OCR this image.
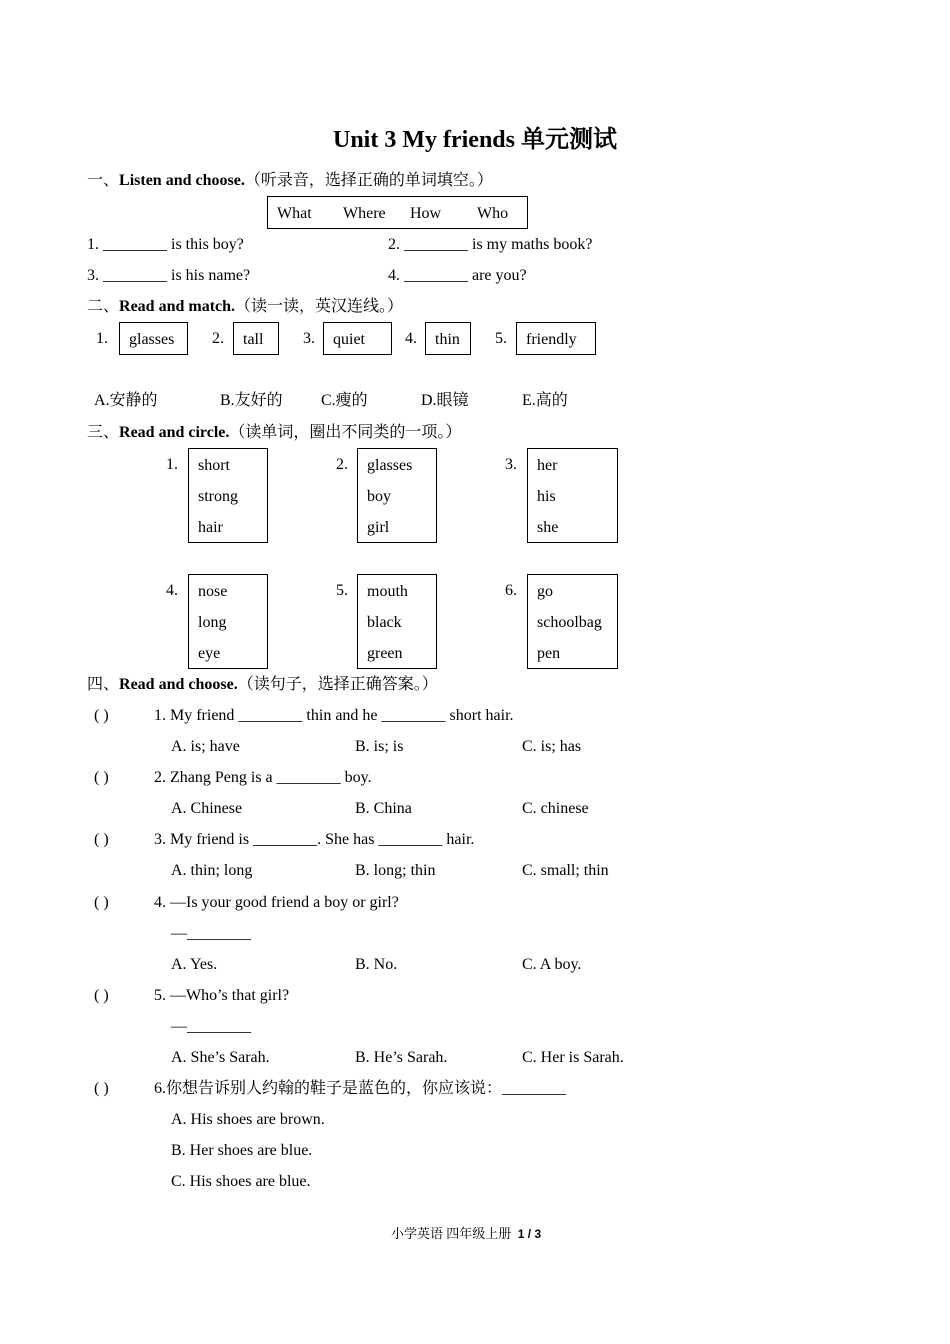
Unit 3 My friends 单元测试
一、Listen and choose.（听录音，选择正确的单词填空。）
What Where How Who
1. ________ is this boy?	2. ________ is my maths book?
3. ________ is his name?	4. ________ are you?
二、Read and match.（读一读，英汉连线。）
1. glasses 2. tall 3. quiet	4. thin 5. friendly
A.安静的	B.友好的 C.瘦的	D.眼镜	E.高的
三、Read and circle.（读单词，圈出不同类的一项。）
1. short
strong
hair
2. glasses
boy
girl
3. her
his
she
4. nose
long
eye
5. mouth
black
green
6. go
schoolbag
pen
四、Read and choose.（读句子，选择正确答案。）
( )	1. My friend ________ thin and he ________ short hair.
A. is; have	B. is; is	C. is; has
( )	2. Zhang Peng is a ________ boy.
A. Chinese	B. China	C. chinese
( )	3. My friend is ________. She has ________ hair.
A. thin; long	B. long; thin	C. small; thin
( )	4. —Is your good friend a boy or girl?
—________
A. Yes.	B. No.	C. A boy.
( )	5. —Who’s that girl?
—________
A. She’s Sarah.	B. He’s Sarah.	C. Her is Sarah.
( )	6.你想告诉别人约翰的鞋子是蓝色的，你应该说：________
A. His shoes are brown.
B. Her shoes are blue.
C. His shoes are blue.
小学英语 四年级上册 1 / 3
